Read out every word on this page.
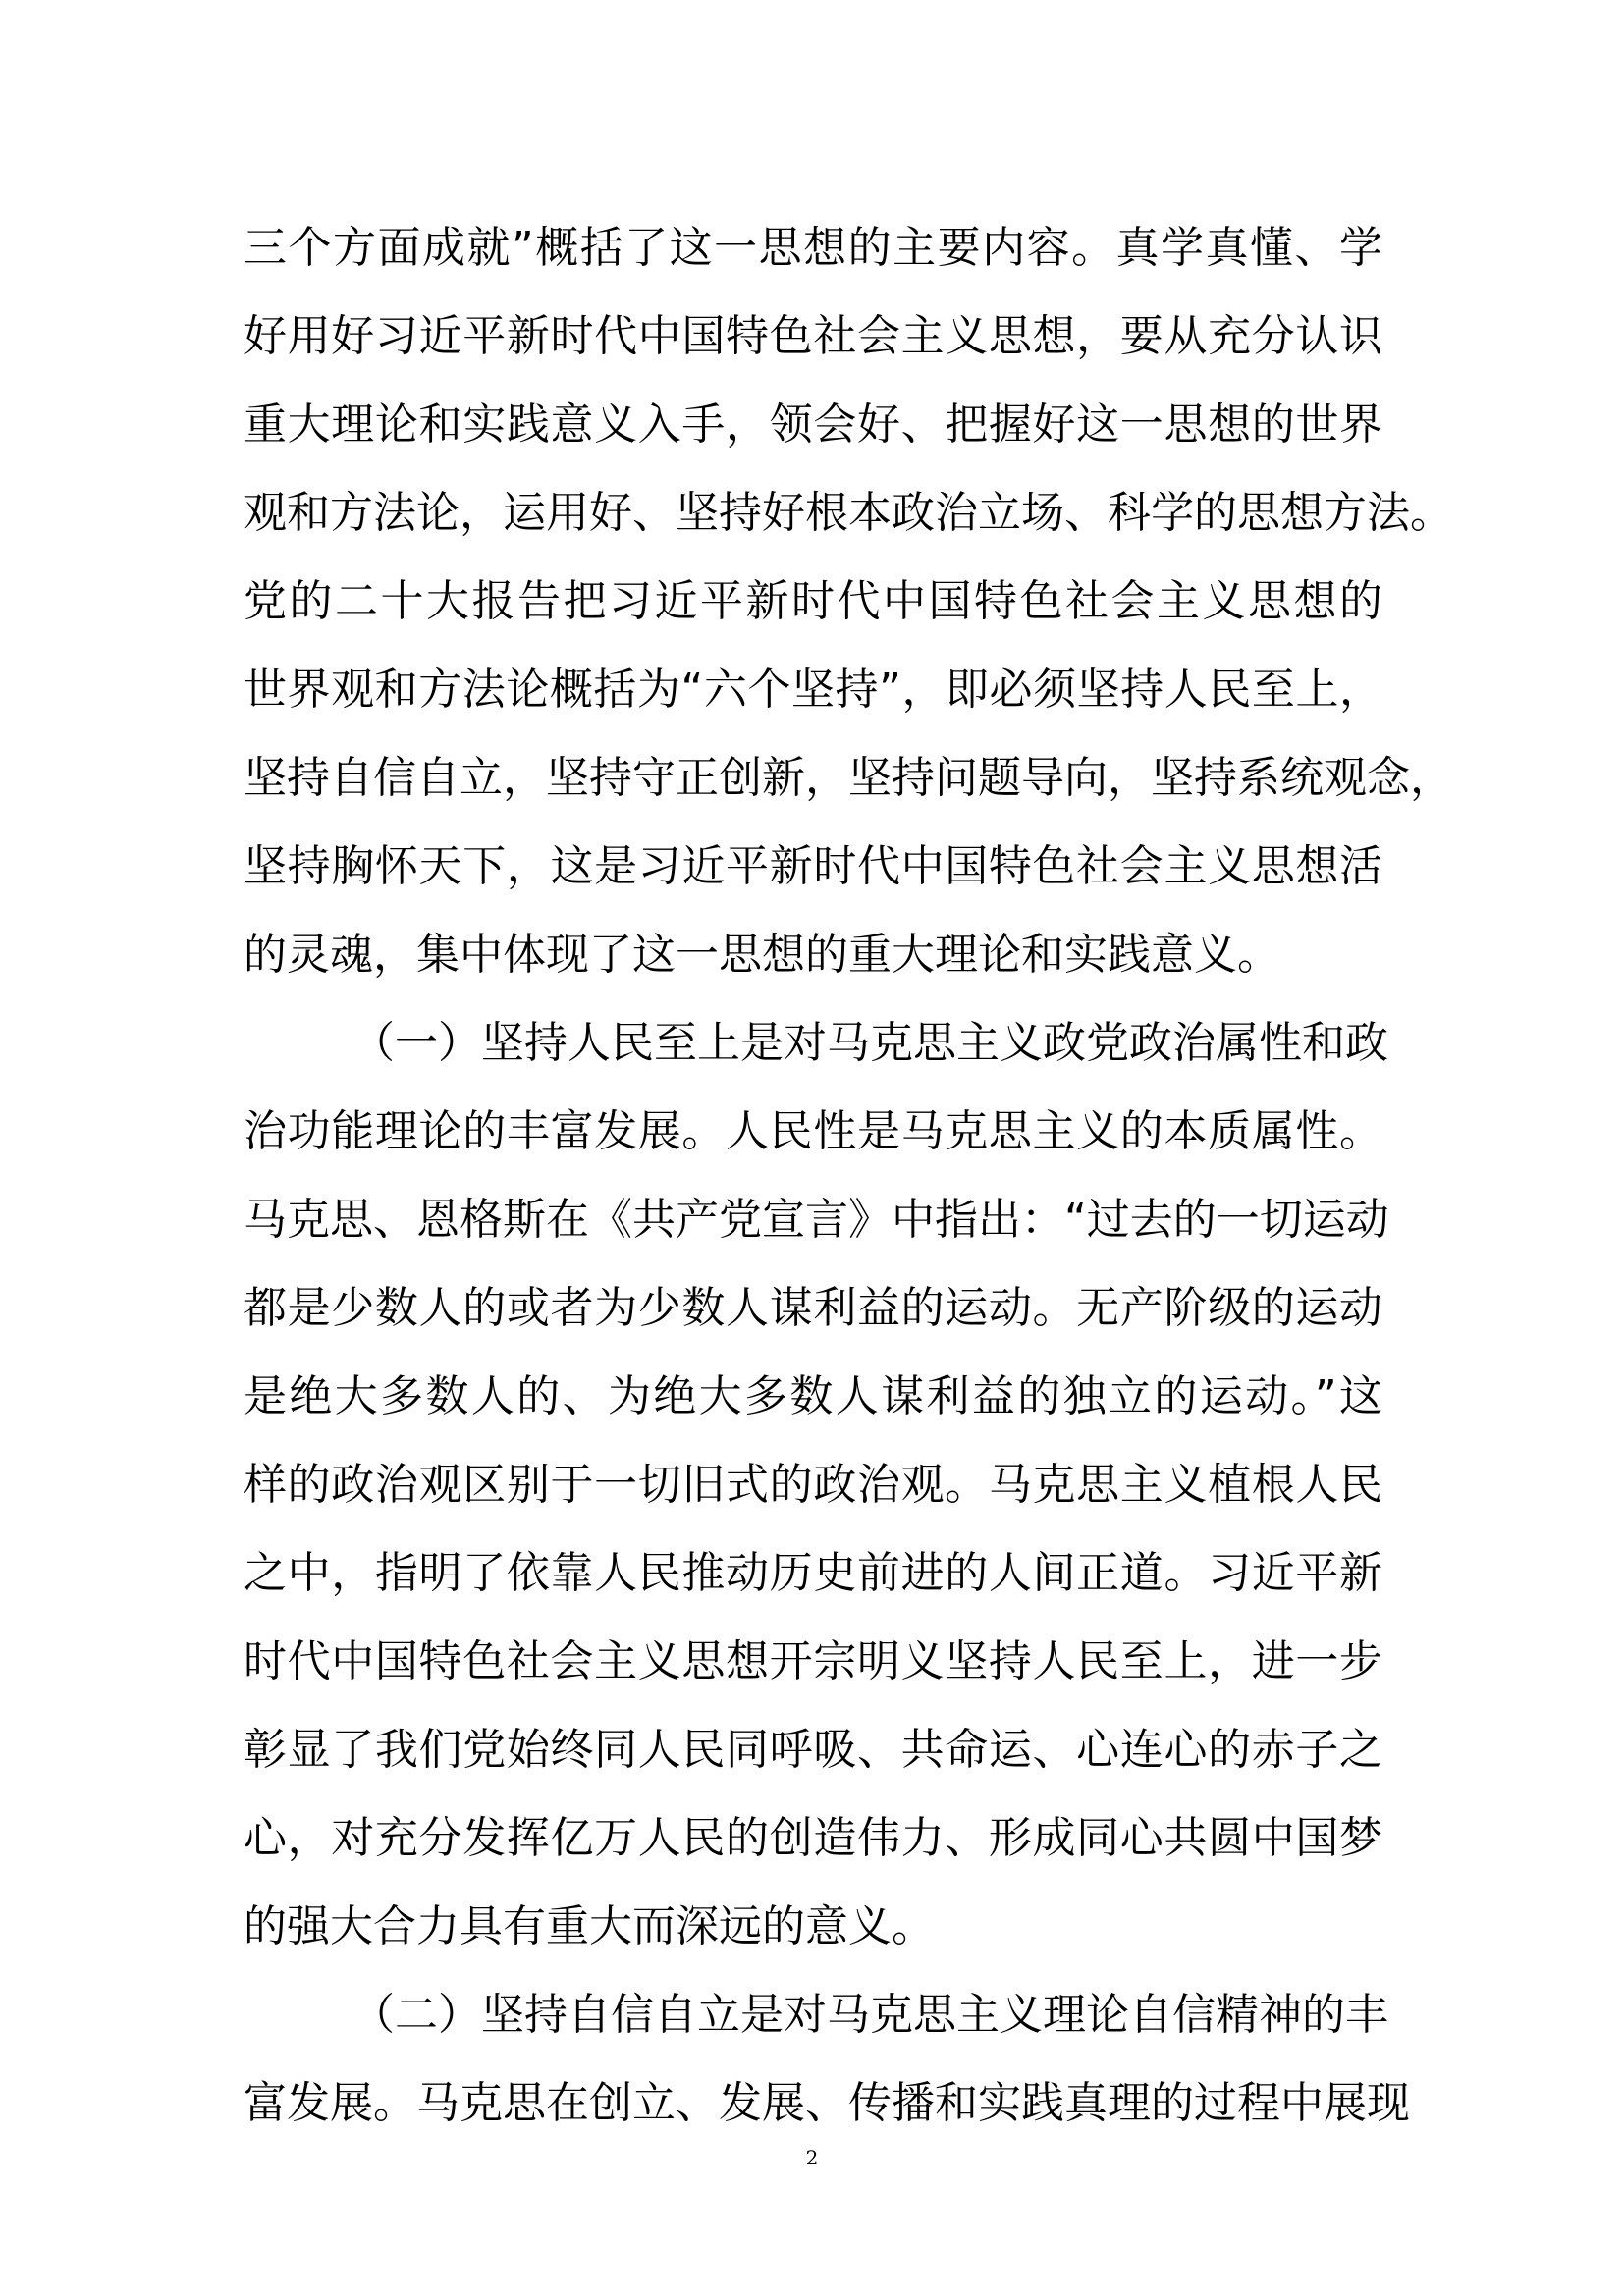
三个方面成就”概括了这一思想的主要内容。真学真懂、学
好用好习近平新时代中国特色社会主义思想，要从充分认识
重大理论和实践意义入手，领会好、把握好这一思想的世界
观和方法论，运用好、坚持好根本政治立场、科学的思想方法。
党的二十大报告把习近平新时代中国特色社会主义思想的
世界观和方法论概括为“六个坚持”，即必须坚持人民至上，
坚持自信自立，坚持守正创新，坚持问题导向，坚持系统观念，
坚持胸怀天下，这是习近平新时代中国特色社会主义思想活
的灵魂，集中体现了这一思想的重大理论和实践意义。
（一）坚持人民至上是对马克思主义政党政治属性和政
治功能理论的丰富发展。人民性是马克思主义的本质属性。
马克思、恩格斯在《共产党宣言》中指出：“过去的一切运动
都是少数人的或者为少数人谋利益的运动。无产阶级的运动
是绝大多数人的、为绝大多数人谋利益的独立的运动。”这
样的政治观区别于一切旧式的政治观。马克思主义植根人民
之中，指明了依靠人民推动历史前进的人间正道。习近平新
时代中国特色社会主义思想开宗明义坚持人民至上，进一步
彰显了我们党始终同人民同呼吸、共命运、心连心的赤子之
心，对充分发挥亿万人民的创造伟力、形成同心共圆中国梦
的强大合力具有重大而深远的意义。
（二）坚持自信自立是对马克思主义理论自信精神的丰
富发展。马克思在创立、发展、传播和实践真理的过程中展现
2
